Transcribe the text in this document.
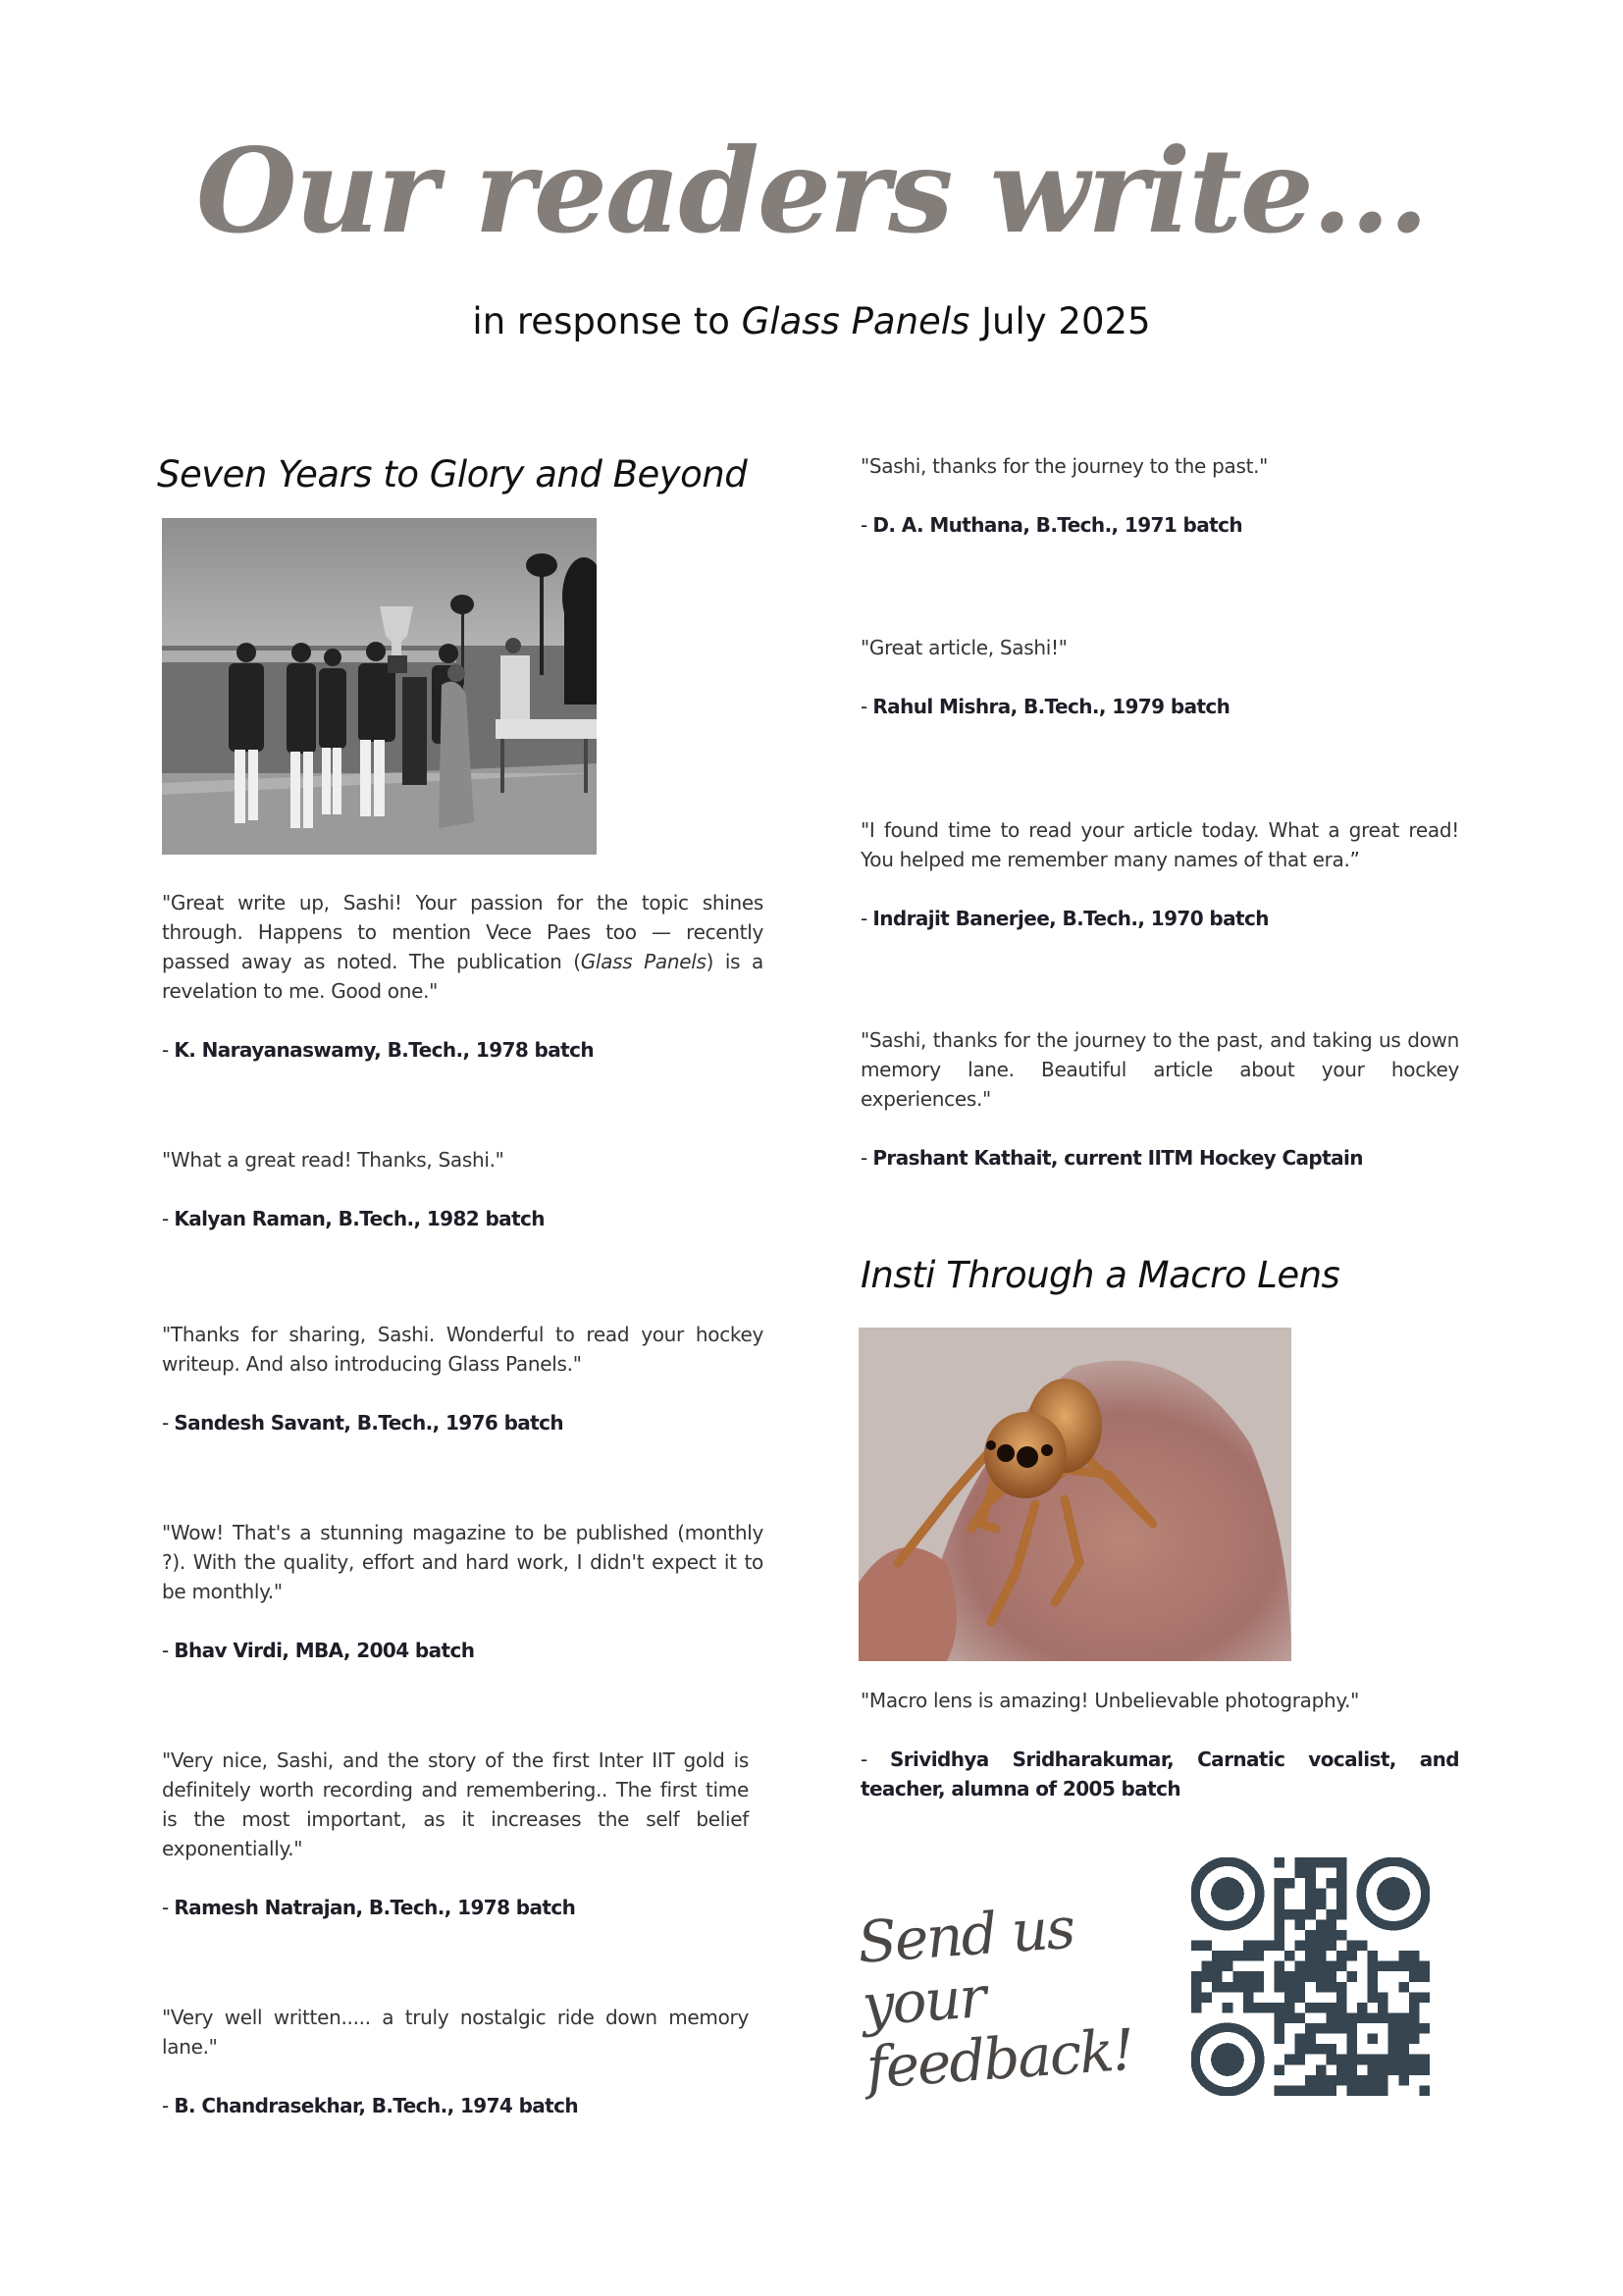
Our readers write...
in response to Glass Panels July 2025
Seven Years to Glory and Beyond
"Great write up, Sashi! Your passion for the topic shines through. Happens to mention Vece Paes too — recently passed away as noted. The publication (Glass Panels) is a revelation to me. Good one."
- K. Narayanaswamy, B.Tech., 1978 batch
"What a great read! Thanks, Sashi."
- Kalyan Raman, B.Tech., 1982 batch
"Thanks for sharing, Sashi. Wonderful to read your hockey writeup. And also introducing Glass Panels."
- Sandesh Savant, B.Tech., 1976 batch
"Wow! That's a stunning magazine to be published (monthly ?). With the quality, effort and hard work, I didn't expect it to be monthly."
- Bhav Virdi, MBA, 2004 batch
"Very nice, Sashi, and the story of the first Inter IIT gold is definitely worth recording and remembering.. The first time is the most important, as it increases the self belief exponentially."
- Ramesh Natrajan, B.Tech., 1978 batch
"Very well written..... a truly nostalgic ride down memory lane."
- B. Chandrasekhar, B.Tech., 1974 batch
"Sashi, thanks for the journey to the past."
- D. A. Muthana, B.Tech., 1971 batch
"Great article, Sashi!"
- Rahul Mishra, B.Tech., 1979 batch
"I found time to read your article today. What a great read! You helped me remember many names of that era.”
- Indrajit Banerjee, B.Tech., 1970 batch
"Sashi, thanks for the journey to the past, and taking us down memory lane. Beautiful article about your hockey experiences."
- Prashant Kathait, current IITM Hockey Captain
Insti Through a Macro Lens
"Macro lens is amazing! Unbelievable photography."
- Srividhya Sridharakumar, Carnatic vocalist, and teacher, alumna of 2005 batch
Send us your
feedback!
